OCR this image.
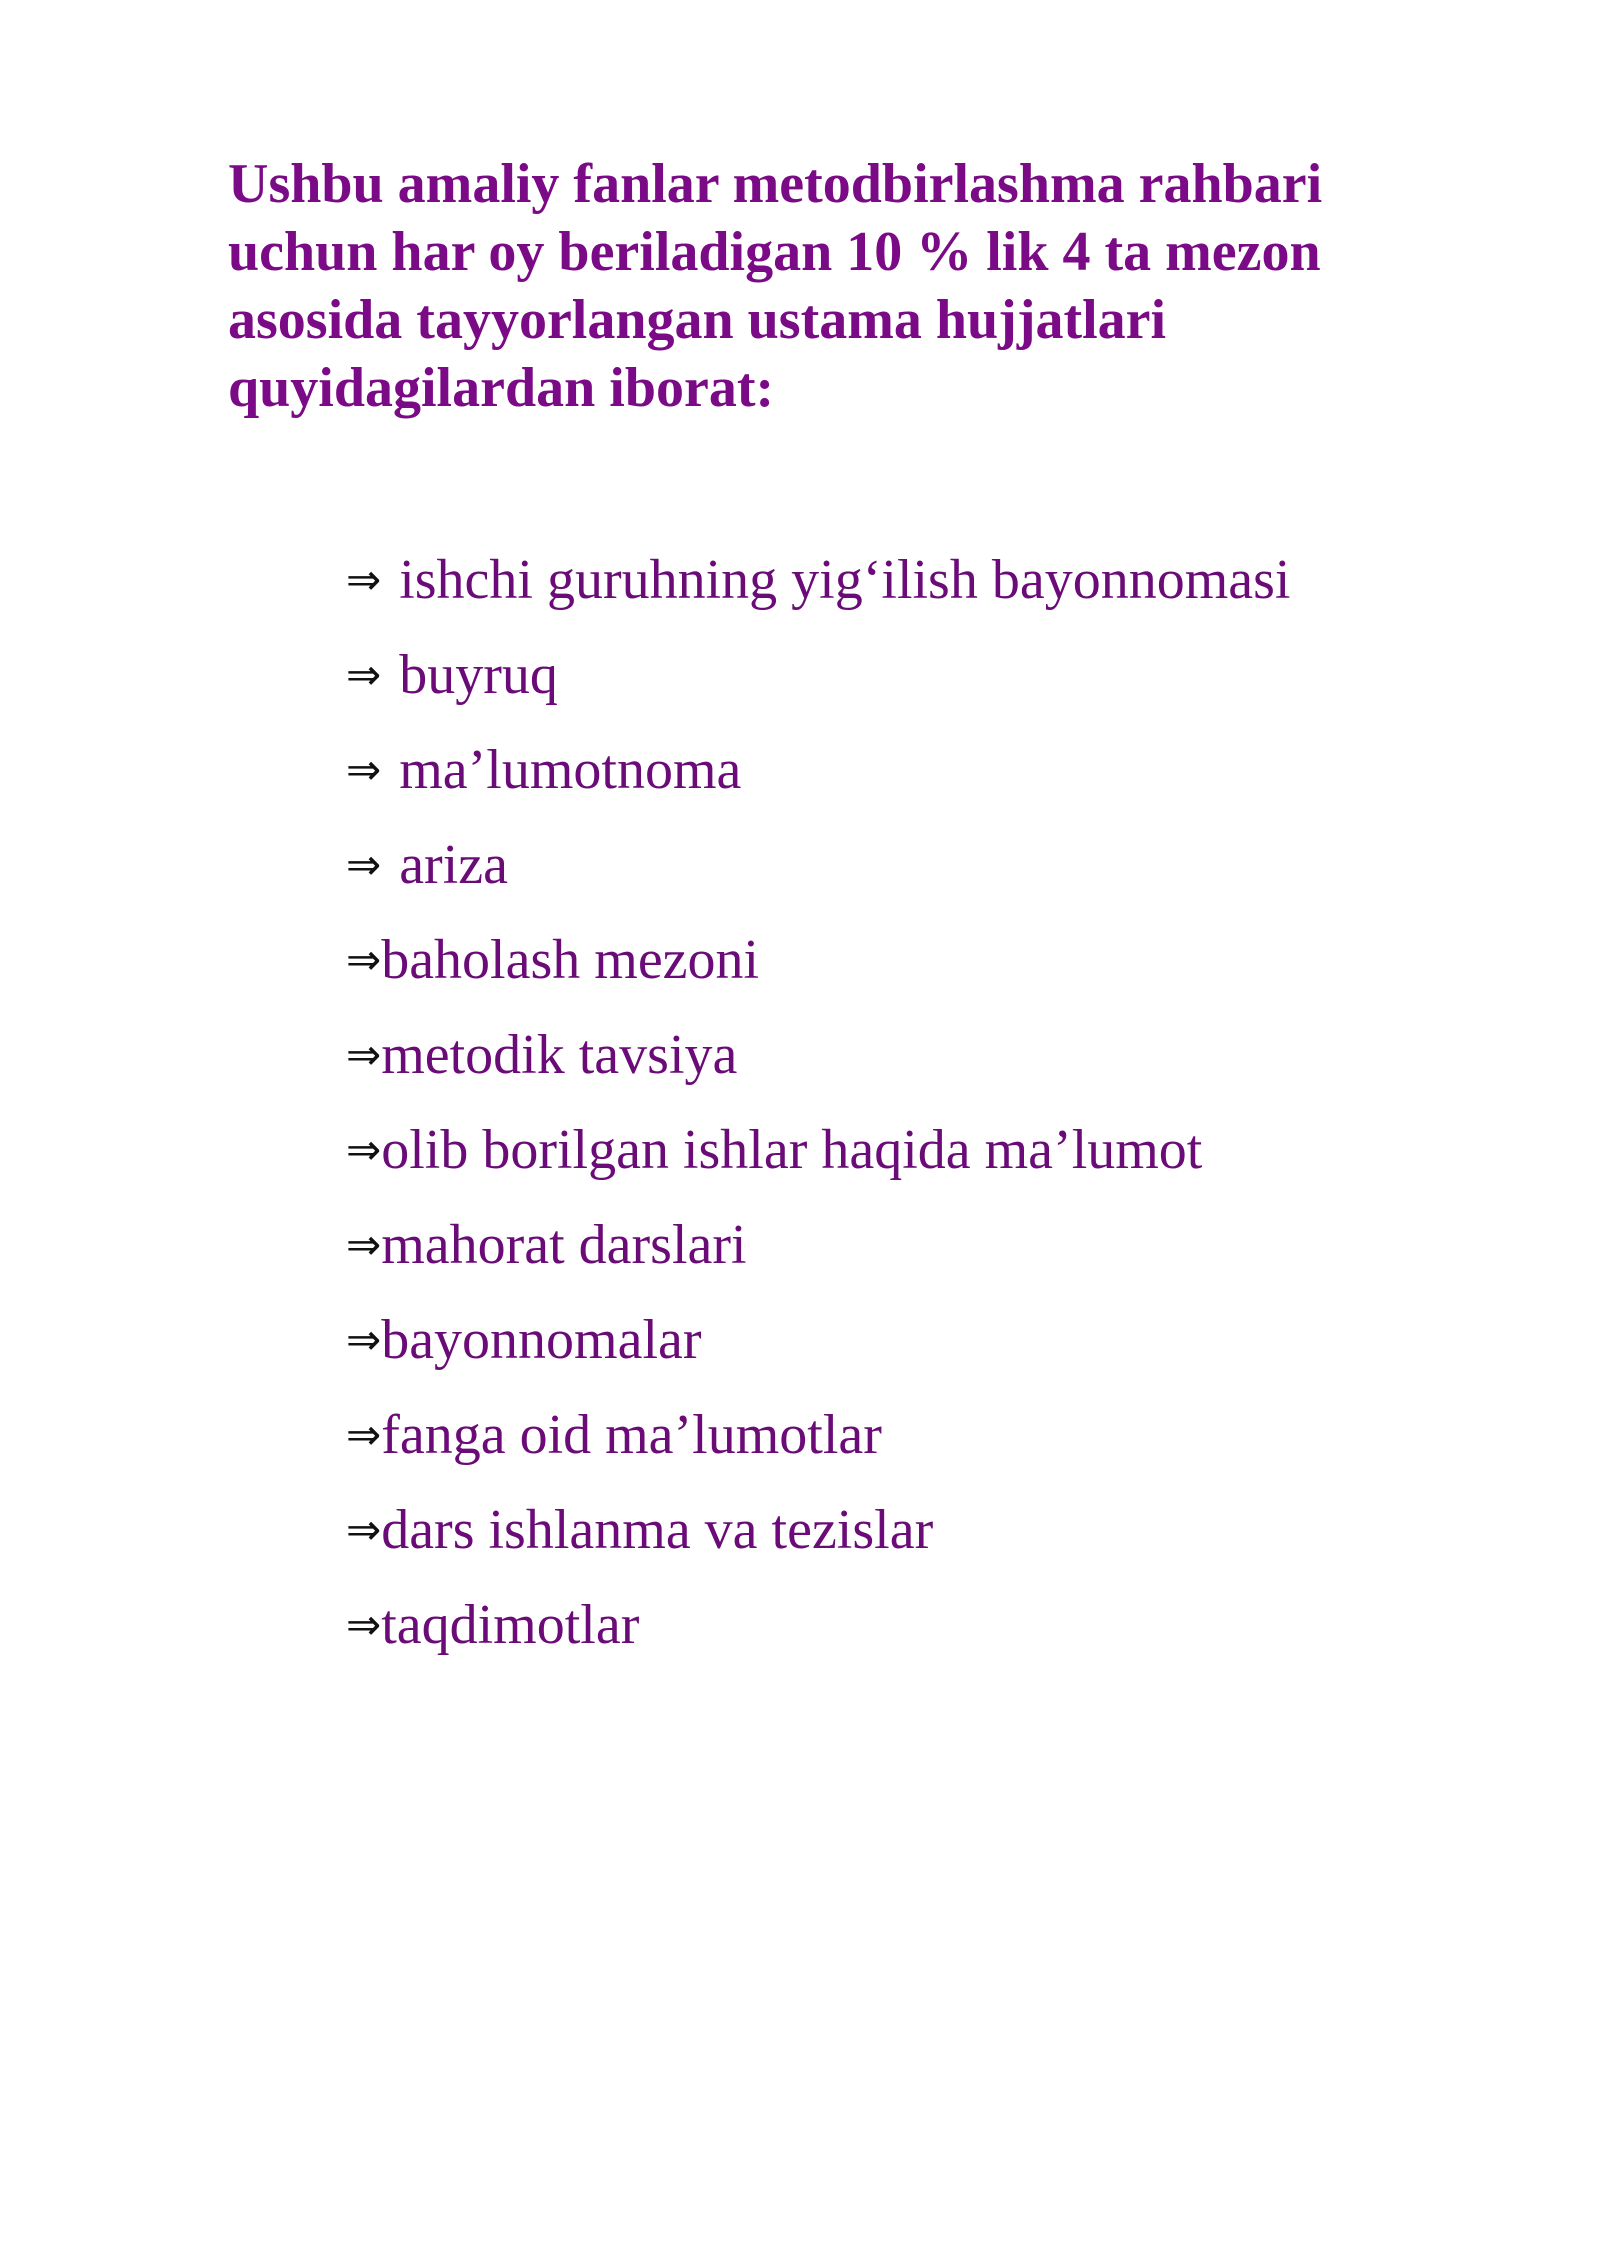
Ushbu amaliy fanlar metodbirlashma rahbari
uchun har oy beriladigan 10 % lik 4 ta mezon
asosida tayyorlangan ustama hujjatlari
quyidagilardan iborat:
⇒ ishchi guruhning yig‘ilish bayonnomasi
⇒ buyruq
⇒ ma’lumotnoma
⇒ ariza
⇒baholash mezoni
⇒metodik tavsiya
⇒olib borilgan ishlar haqida ma’lumot
⇒mahorat darslari
⇒bayonnomalar
⇒fanga oid ma’lumotlar
⇒dars ishlanma va tezislar
⇒taqdimotlar
